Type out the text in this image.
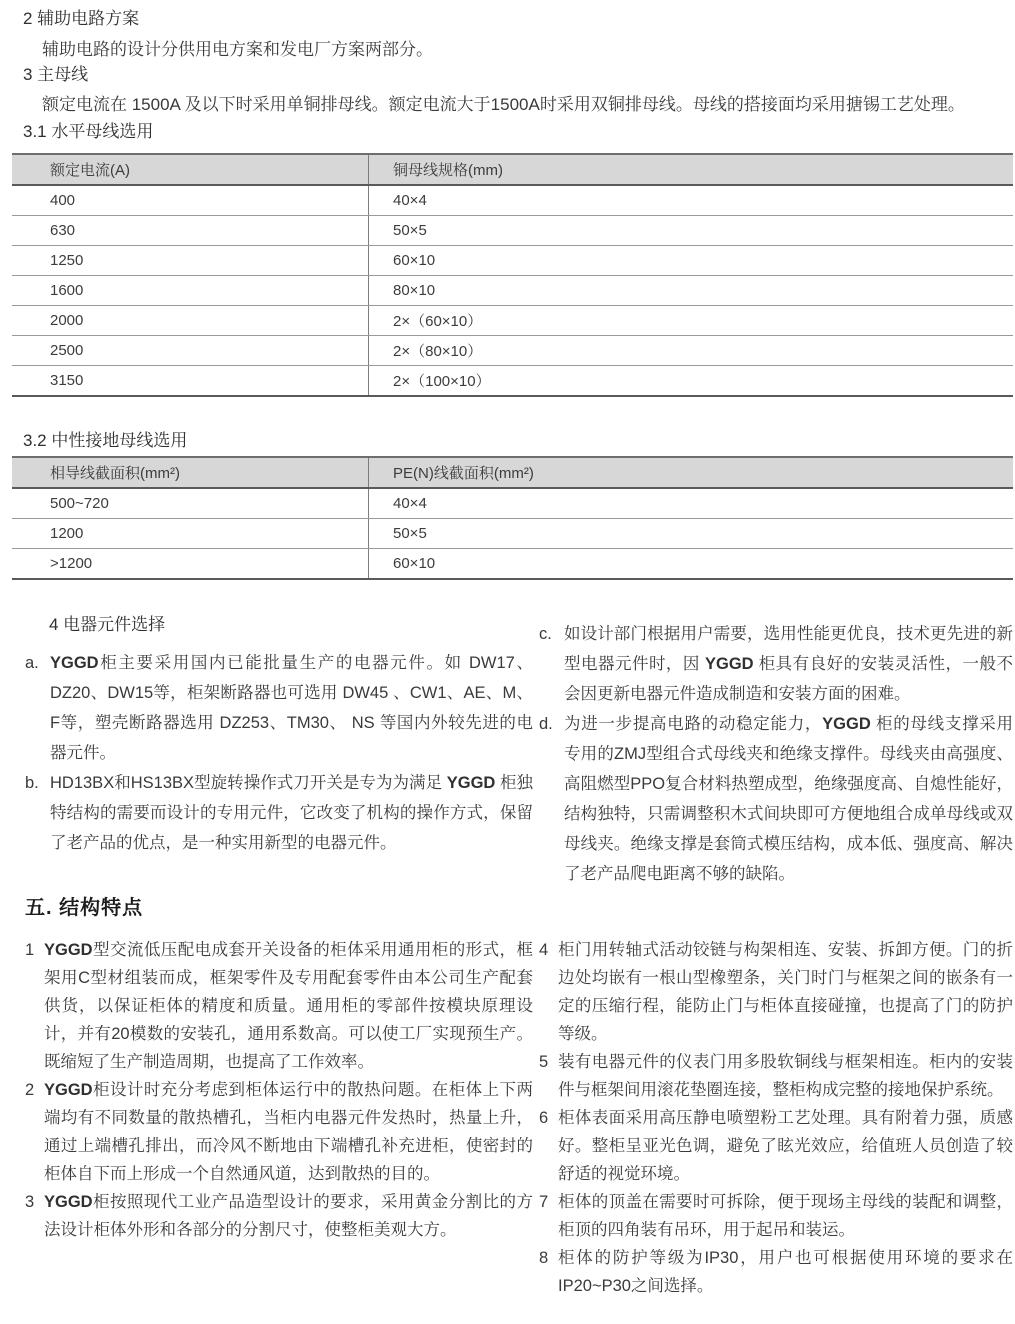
2 辅助电路方案
辅助电路的设计分供用电方案和发电厂方案两部分。
3 主母线
额定电流在 1500A 及以下时采用单铜排母线。额定电流大于1500A时采用双铜排母线。母线的搭接面均采用搪锡工艺处理。
3.1 水平母线选用
额定电流(A)	铜母线规格(mm)
400	40×4
630	50×5
1250	60×10
1600	80×10
2000	2×（60×10）
2500	2×（80×10）
3150	2×（100×10）
3.2 中性接地母线选用
相导线截面积(mm²)	PE(N)线截面积(mm²)
500~720	40×4
1200	50×5
>1200	60×10
4 电器元件选择
a. YGGD柜主要采用国内已能批量生产的电器元件。如 DW17、DZ20、DW15等，柜架断路器也可选用 DW45 、CW1、AE、M、F等，塑壳断路器选用 DZ253、TM30、 NS 等国内外较先进的电器元件。
b. HD13BX和HS13BX型旋转操作式刀开关是专为为满足 YGGD 柜独特结构的需要而设计的专用元件，它改变了机构的操作方式，保留了老产品的优点，是一种实用新型的电器元件。
c. 如设计部门根据用户需要，选用性能更优良，技术更先进的新型电器元件时，因 YGGD 柜具有良好的安装灵活性，一般不会因更新电器元件造成制造和安装方面的困难。
d. 为进一步提高电路的动稳定能力，YGGD 柜的母线支撑采用专用的ZMJ型组合式母线夹和绝缘支撑件。母线夹由高强度、高阻燃型PPO复合材料热塑成型，绝缘强度高、自熄性能好，结构独特，只需调整积木式间块即可方便地组合成单母线或双母线夹。绝缘支撑是套筒式模压结构，成本低、强度高、解决了老产品爬电距离不够的缺陷。
五. 结构特点
1 YGGD型交流低压配电成套开关设备的柜体采用通用柜的形式，框架用C型材组装而成，框架零件及专用配套零件由本公司生产配套供货，以保证柜体的精度和质量。通用柜的零部件按模块原理设计，并有20模数的安装孔，通用系数高。可以使工厂实现预生产。既缩短了生产制造周期，也提高了工作效率。
2 YGGD柜设计时充分考虑到柜体运行中的散热问题。在柜体上下两端均有不同数量的散热槽孔，当柜内电器元件发热时，热量上升，通过上端槽孔排出，而冷风不断地由下端槽孔补充进柜，使密封的柜体自下而上形成一个自然通风道，达到散热的目的。
3 YGGD柜按照现代工业产品造型设计的要求，采用黄金分割比的方法设计柜体外形和各部分的分割尺寸，使整柜美观大方。
4 柜门用转轴式活动铰链与构架相连、安装、拆卸方便。门的折边处均嵌有一根山型橡塑条，关门时门与框架之间的嵌条有一定的压缩行程，能防止门与柜体直接碰撞，也提高了门的防护等级。
5 装有电器元件的仪表门用多股软铜线与框架相连。柜内的安装件与框架间用滚花垫圈连接，整柜构成完整的接地保护系统。
6 柜体表面采用高压静电喷塑粉工艺处理。具有附着力强，质感好。整柜呈亚光色调，避免了眩光效应，给值班人员创造了较舒适的视觉环境。
7 柜体的顶盖在需要时可拆除，便于现场主母线的装配和调整，柜顶的四角装有吊环，用于起吊和装运。
8 柜体的防护等级为IP30，用户也可根据使用环境的要求在IP20~P30之间选择。
